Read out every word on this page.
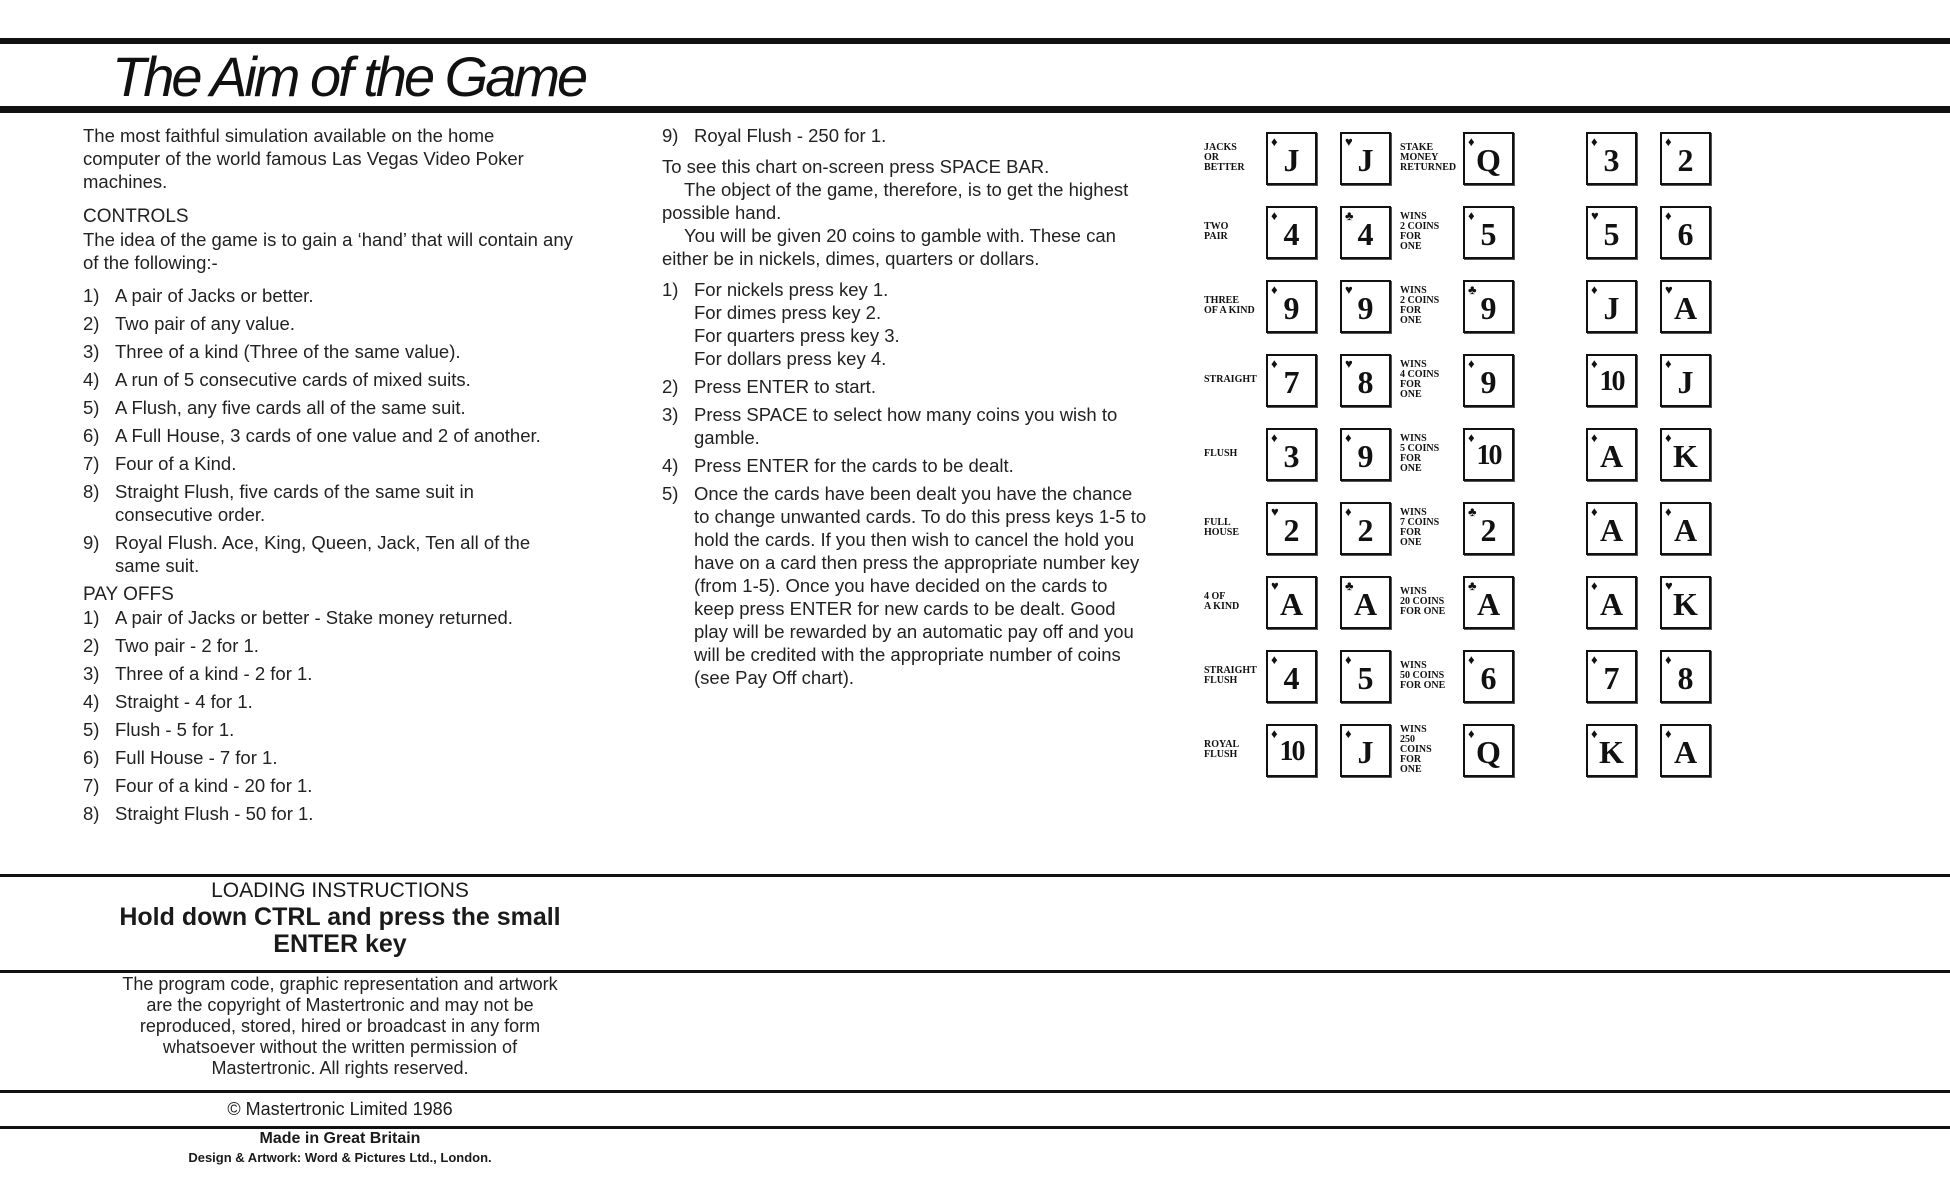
The Aim of the Game

The most faithful simulation available on the home computer of the world famous Las Vegas Video Poker machines.

CONTROLS

The idea of the game is to gain a ‘hand’ that will contain any of the following:-

1) A pair of Jacks or better.
2) Two pair of any value.
3) Three of a kind (Three of the same value).
4) A run of 5 consecutive cards of mixed suits.
5) A Flush, any five cards all of the same suit.
6) A Full House, 3 cards of one value and 2 of another.
7) Four of a Kind.
8) Straight Flush, five cards of the same suit in consecutive order.
9) Royal Flush. Ace, King, Queen, Jack, Ten all of the same suit.
PAY OFFS
1) A pair of Jacks or better - Stake money returned.
2) Two pair - 2 for 1.
3) Three of a kind - 2 for 1.
4) Straight - 4 for 1.
5) Flush - 5 for 1.
6) Full House - 7 for 1.
7) Four of a kind - 20 for 1.
8) Straight Flush - 50 for 1.
9) Royal Flush - 250 for 1.

To see this chart on-screen press SPACE BAR.

The object of the game, therefore, is to get the highest possible hand.

You will be given 20 coins to gamble with. These can either be in nickels, dimes, quarters or dollars.

1) For nickels press key 1.
For dimes press key 2.
For quarters press key 3.
For dollars press key 4.
2) Press ENTER to start.
3) Press SPACE to select how many coins you wish to gamble.
4) Press ENTER for the cards to be dealt.
5) Once the cards have been dealt you have the chance to change unwanted cards. To do this press keys 1-5 to hold the cards. If you then wish to cancel the hold you have on a card then press the appropriate number key (from 1-5). Once you have decided on the cards to keep press ENTER for new cards to be dealt. Good play will be rewarded by an automatic pay off and you will be credited with the appropriate number of coins (see Pay Off chart).
JACKS
OR
BETTER
STAKE
MONEY
RETURNED
♦
J
♥
J
♦
Q
♦
3
♦
2
TWO
PAIR
WINS
2 COINS
FOR
ONE
♦
4
♣
4
♦
5
♥
5
♦
6
THREE
OF A KIND
WINS
2 COINS
FOR
ONE
♦
9
♥
9
♣
9
♦
J
♥
A
STRAIGHT
WINS
4 COINS
FOR
ONE
♦
7
♥
8
♦
9
♦
10
♦
J
FLUSH
WINS
5 COINS
FOR
ONE
♦
3
♦
9
♦
10
♦
A
♦
K
FULL
HOUSE
WINS
7 COINS
FOR
ONE
♥
2
♦
2
♣
2
♦
A
♦
A
4 OF
A KIND
WINS
20 COINS
FOR ONE
♥
A
♣
A
♣
A
♦
A
♥
K
STRAIGHT
FLUSH
WINS
50 COINS
FOR ONE
♦
4
♦
5
♦
6
♦
7
♦
8
ROYAL
FLUSH
WINS
250
COINS
FOR
ONE
♦
10
♦
J
♦
Q
♦
K
♦
A
LOADING INSTRUCTIONS
Hold down CTRL and press the small
ENTER key
The program code, graphic representation and artwork
are the copyright of Mastertronic and may not be
reproduced, stored, hired or broadcast in any form
whatsoever without the written permission of
Mastertronic. All rights reserved.
© Mastertronic Limited 1986
Made in Great Britain
Design & Artwork: Word & Pictures Ltd., London.
